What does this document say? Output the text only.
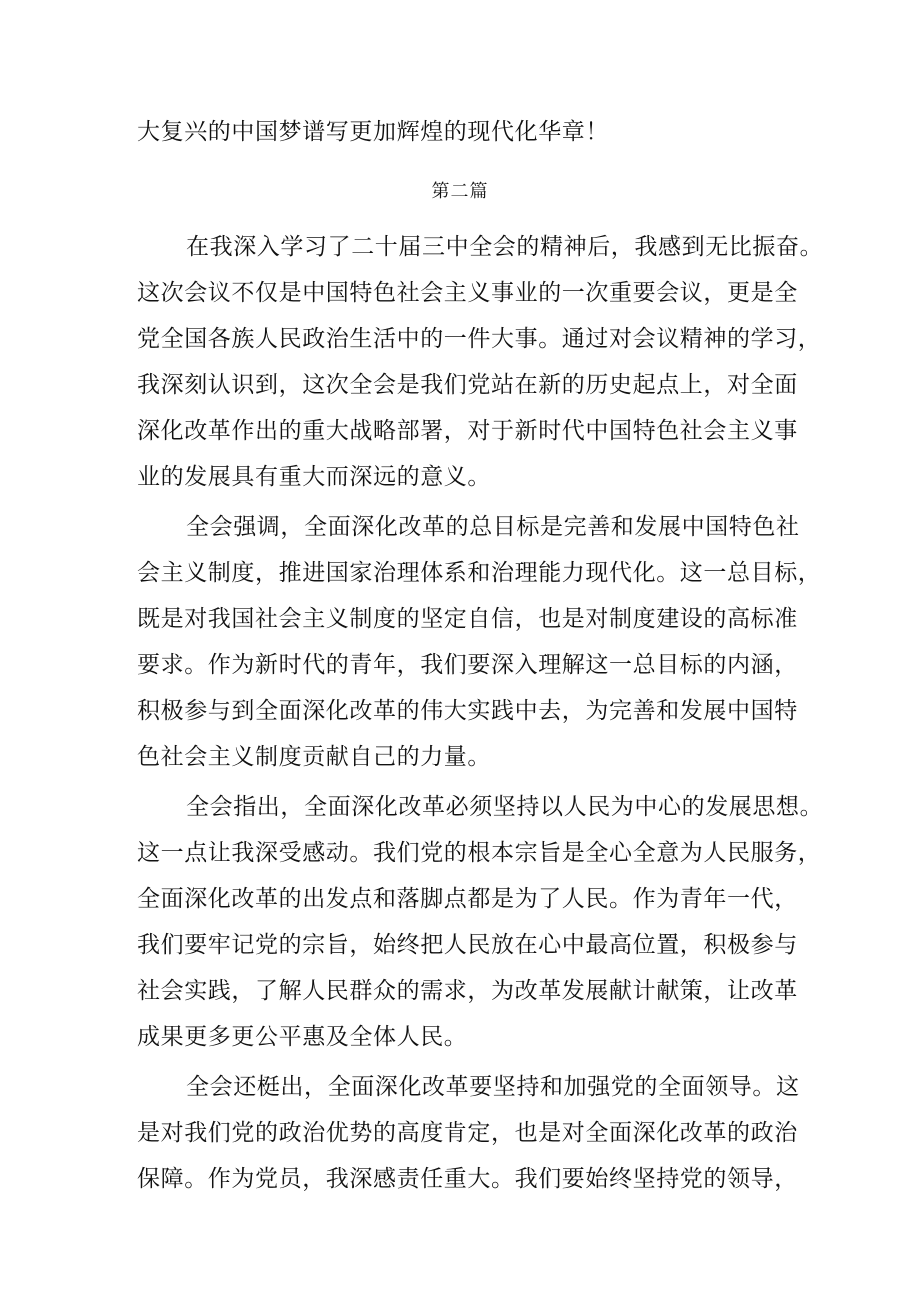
大复兴的中国梦谱写更加辉煌的现代化华章！
第二篇
在我深入学习了二十届三中全会的精神后，我感到无比振奋。
这次会议不仅是中国特色社会主义事业的一次重要会议，更是全
党全国各族人民政治生活中的一件大事。通过对会议精神的学习，
我深刻认识到，这次全会是我们党站在新的历史起点上，对全面
深化改革作出的重大战略部署，对于新时代中国特色社会主义事
业的发展具有重大而深远的意义。
全会强调，全面深化改革的总目标是完善和发展中国特色社
会主义制度，推进国家治理体系和治理能力现代化。这一总目标，
既是对我国社会主义制度的坚定自信，也是对制度建设的高标准
要求。作为新时代的青年，我们要深入理解这一总目标的内涵，
积极参与到全面深化改革的伟大实践中去，为完善和发展中国特
色社会主义制度贡献自己的力量。
全会指出，全面深化改革必须坚持以人民为中心的发展思想。
这一点让我深受感动。我们党的根本宗旨是全心全意为人民服务，
全面深化改革的出发点和落脚点都是为了人民。作为青年一代，
我们要牢记党的宗旨，始终把人民放在心中最高位置，积极参与
社会实践，了解人民群众的需求，为改革发展献计献策，让改革
成果更多更公平惠及全体人民。
全会还梃出，全面深化改革要坚持和加强党的全面领导。这
是对我们党的政治优势的高度肯定，也是对全面深化改革的政治
保障。作为党员，我深感责任重大。我们要始终坚持党的领导，
